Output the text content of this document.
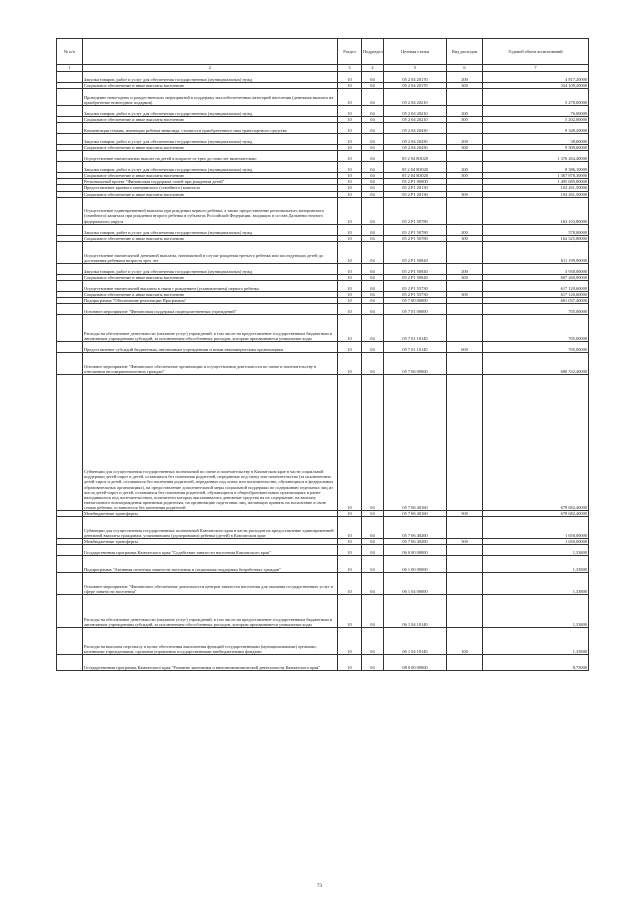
№ п/п		Раздел	Подраздел	Целевая статья	Вид расходов	Годовой объем ассигнований
1	2	3	4	5	6	7
	Закупка товаров, работ и услуг для обеспечения государственных (муниципальных) нужд	10	04	05 2 04 20170	200	4 817,20000
	Социальное обеспечение и иные выплаты населению	10	04	05 2 04 20170	300	334 109,20000
	Проведение новогодних и рождественских мероприятий в поддержку малообеспеченных категорий населения (денежная выплата на приобретение новогодних подарков)	10	04	05 2 04 20210		5 278,00000
	Закупка товаров, работ и услуг для обеспечения государственных (муниципальных) нужд	10	04	05 2 04 20210	200	76,00000
	Социальное обеспечение и иные выплаты населению	10	04	05 2 04 20210	300	5 202,00000
	Компенсация семьям, имеющим ребенка-инвалида, стоимости приобретенного ими транспортного средства	10	04	05 2 04 20430		9 348,20000
	Закупка товаров, работ и услуг для обеспечения государственных (муниципальных) нужд	10	04	05 2 04 20430	200	38,60000
	Социальное обеспечение и иные выплаты населению	10	04	05 2 04 20430	300	9 309,60000
	Осуществление ежемесячных выплат на детей в возрасте от трех до семи лет включительно	10	04	05 2 04 R3020		1 376 264,40000
	Закупка товаров, работ и услуг для обеспечения государственных (муниципальных) нужд	10	04	05 2 04 R3020	200	8 386,10000
	Социальное обеспечение и иные выплаты населению	10	04	05 2 04 R3020	300	1 367 878,30000
	Региональный проект "Финансовая поддержка семей при рождении детей"	10	04	05 2 P1 00000		1 495 685,80000
	Предоставление краевого материнского (семейного) капитала	10	04	05 2 P1 20130		102 261,50000
	Социальное обеспечение и иные выплаты населению	10	04	05 2 P1 20130	300	102 261,50000
	Осуществление единовременной выплаты при рождении первого ребенка, а также предоставление регионального материнского (семейного) капитала при рождении второго ребенка в субъектах Российской Федерации, входящих в состав Дальневосточного федерального округа	10	04	05 2 P1 50780		163 103,80000
	Закупка товаров, работ и услуг для обеспечения государственных (муниципальных) нужд	10	04	05 2 P1 50780	200	578,00000
	Социальное обеспечение и иные выплаты населению	10	04	05 2 P1 50780	300	162 525,80000
	Осуществление ежемесячной денежной выплаты, назначаемой в случае рождения третьего ребенка или последующих детей до достижения ребенком возраста трех лет	10	04	05 2 P1 50840		611 199,90000
	Закупка товаров, работ и услуг для обеспечения государственных (муниципальных) нужд	10	04	05 2 P1 50840	200	3 930,00000
	Социальное обеспечение и иные выплаты населению	10	04	05 2 P1 50840	300	607 269,90000
	Осуществление ежемесячной выплаты в связи с рождением (усыновлением) первого ребенка	10	04	05 2 P1 55730		617 120,60000
	Социальное обеспечение и иные выплаты населению	10	04	05 2 P1 55730	300	617 120,60000
	Подпрограмма "Обеспечение реализации Программы"	10	04	05 7 00 00000		681 037,40000
	Основное мероприятие "Финансовая поддержка подведомственных учреждений"	10	04	05 7 01 00000		705,00000
	Расходы на обеспечение деятельности (оказание услуг) учреждений, в том числе на предоставление государственным бюджетным и автономным учреждениям субсидий, за исключением обособленных расходов, которым присваиваются уникальные коды	10	04	05 7 01 10140		705,00000
	Предоставление субсидий бюджетным, автономным учреждениям и иным некоммерческим организациям	10	04	05 7 01 10140	600	705,00000
	Основное мероприятие "Финансовое обеспечение организации и осуществления деятельности по опеке и попечительству в отношении несовершеннолетних граждан"	10	04	05 7 06 00000		680 332,40000
	Субвенции для осуществления государственных полномочий по опеке и попечительству в Камчатском крае в части социальной поддержки детей-сирот и детей, оставшихся без попечения родителей, переданных под опеку или попечительство (за исключением детей-сирот и детей, оставшихся без попечения родителей, переданных под опеку или попечительство, обучающихся в федеральных образовательных организациях), на предоставление дополнительной меры социальной поддержки по содержанию отдельных лиц из числа детей-сирот и детей, оставшихся без попечения родителей, обучающихся в общеобразовательных организациях и ранее находившихся под попечительством, попечители которых выплачивались денежные средства на их содержание, на выплату ежемесячного вознаграждения приемным родителям, на организацию подготовки лиц, желающих принять на воспитание в свою семью ребенка, оставшегося без попечения родителей	10	04	05 7 06 40160		678 682,40000
	Межбюджетные трансферты	10	04	05 7 06 40160	500	678 682,40000
	Субвенции для осуществления государственных полномочий Камчатского края в части расходов на предоставление единовременной денежной выплаты гражданам, усыновившим (удочерившим) ребенка (детей) в Камчатском крае	10	04	05 7 06 40200		1 650,00000
	Межбюджетные трансферты	10	04	05 7 06 40200	500	1 650,00000
	Государственная программа Камчатского края "Содействие занятости населения Камчатского края"	10	04	06 0 00 00000		1,33800
	Подпрограмма "Активная политика занятости населения и социальная поддержка безработных граждан"	10	04	06 1 00 00000		1,33800
	Основное мероприятие "Финансовое обеспечение деятельности центров занятости населения для оказания государственных услуг в сфере занятости населения"	10	04	06 1 04 00000		1,33800
	Расходы на обеспечение деятельности (оказание услуг) учреждений, в том числе на предоставление государственным бюджетным и автономным учреждениям субсидий, за исключением обособленных расходов, которым присваиваются уникальные коды	10	04	06 1 04 10140		1,33800
	Расходы на выплаты персоналу в целях обеспечения выполнения функций государственными (муниципальными) органами, казенными учреждениями, органами управления государственными внебюджетными фондами	10	04	06 1 04 10140	100	1,33800
	Государственная программа Камчатского края "Развитие экономики и внешнеэкономической деятельности Камчатского края"	10	04	08 0 00 00000		8,73000
73
